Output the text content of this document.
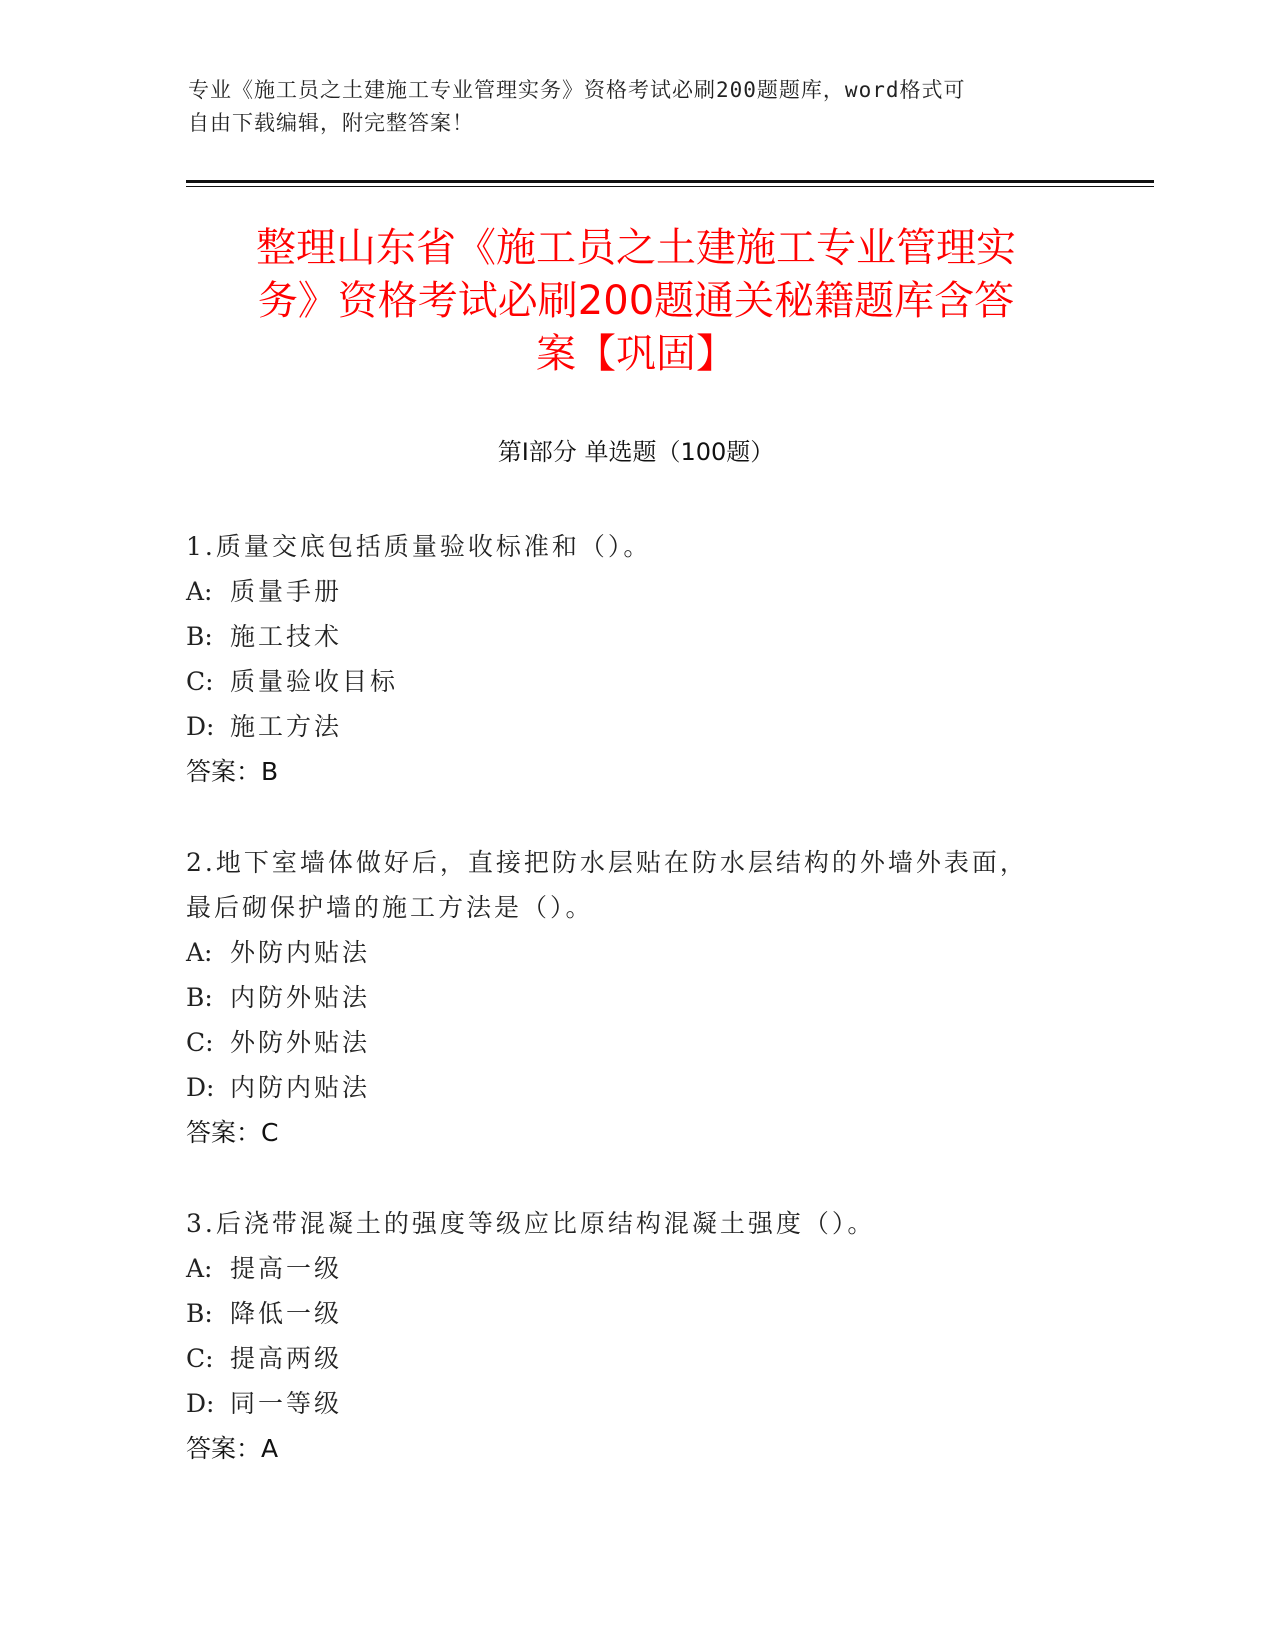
专业《施工员之土建施工专业管理实务》资格考试必刷200题题库，word格式可
自由下载编辑，附完整答案！
整理山东省《施工员之土建施工专业管理实
务》资格考试必刷200题通关秘籍题库含答
案【巩固】
第Ⅰ部分 单选题（100题）
1.质量交底包括质量验收标准和（）。
A: 质量手册
B: 施工技术
C: 质量验收目标
D: 施工方法
答案：B
2.地下室墙体做好后，直接把防水层贴在防水层结构的外墙外表面，
最后砌保护墙的施工方法是（）。
A: 外防内贴法
B: 内防外贴法
C: 外防外贴法
D: 内防内贴法
答案：C
3.后浇带混凝土的强度等级应比原结构混凝土强度（）。
A: 提高一级
B: 降低一级
C: 提高两级
D: 同一等级
答案：A
